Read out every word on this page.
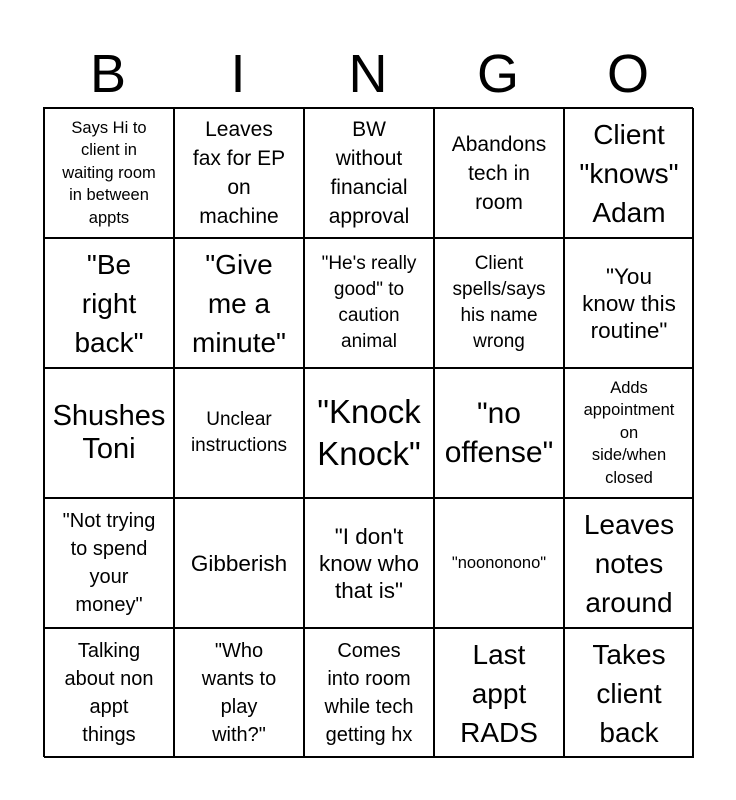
B	I	N	G	O
Says Hi to
client in
waiting room
in between
appts
Leaves
fax for EP
on
machine
BW
without
financial
approval
Abandons
tech in
room
Client
"knows"
Adam
"Be
right
back"
"Give
me a
minute"
"He's really
good" to
caution
animal
Client
spells/says
his name
wrong
"You
know this
routine"
Shushes
Toni
Unclear
instructions
"Knock
Knock"
"no
offense"
Adds
appointment
on
side/when
closed
"Not trying
to spend
your
money"
Gibberish
"I don't
know who
that is"
"noononono"
Leaves
notes
around
Talking
about non
appt
things
"Who
wants to
play
with?"
Comes
into room
while tech
getting hx
Last
appt
RADS
Takes
client
back
